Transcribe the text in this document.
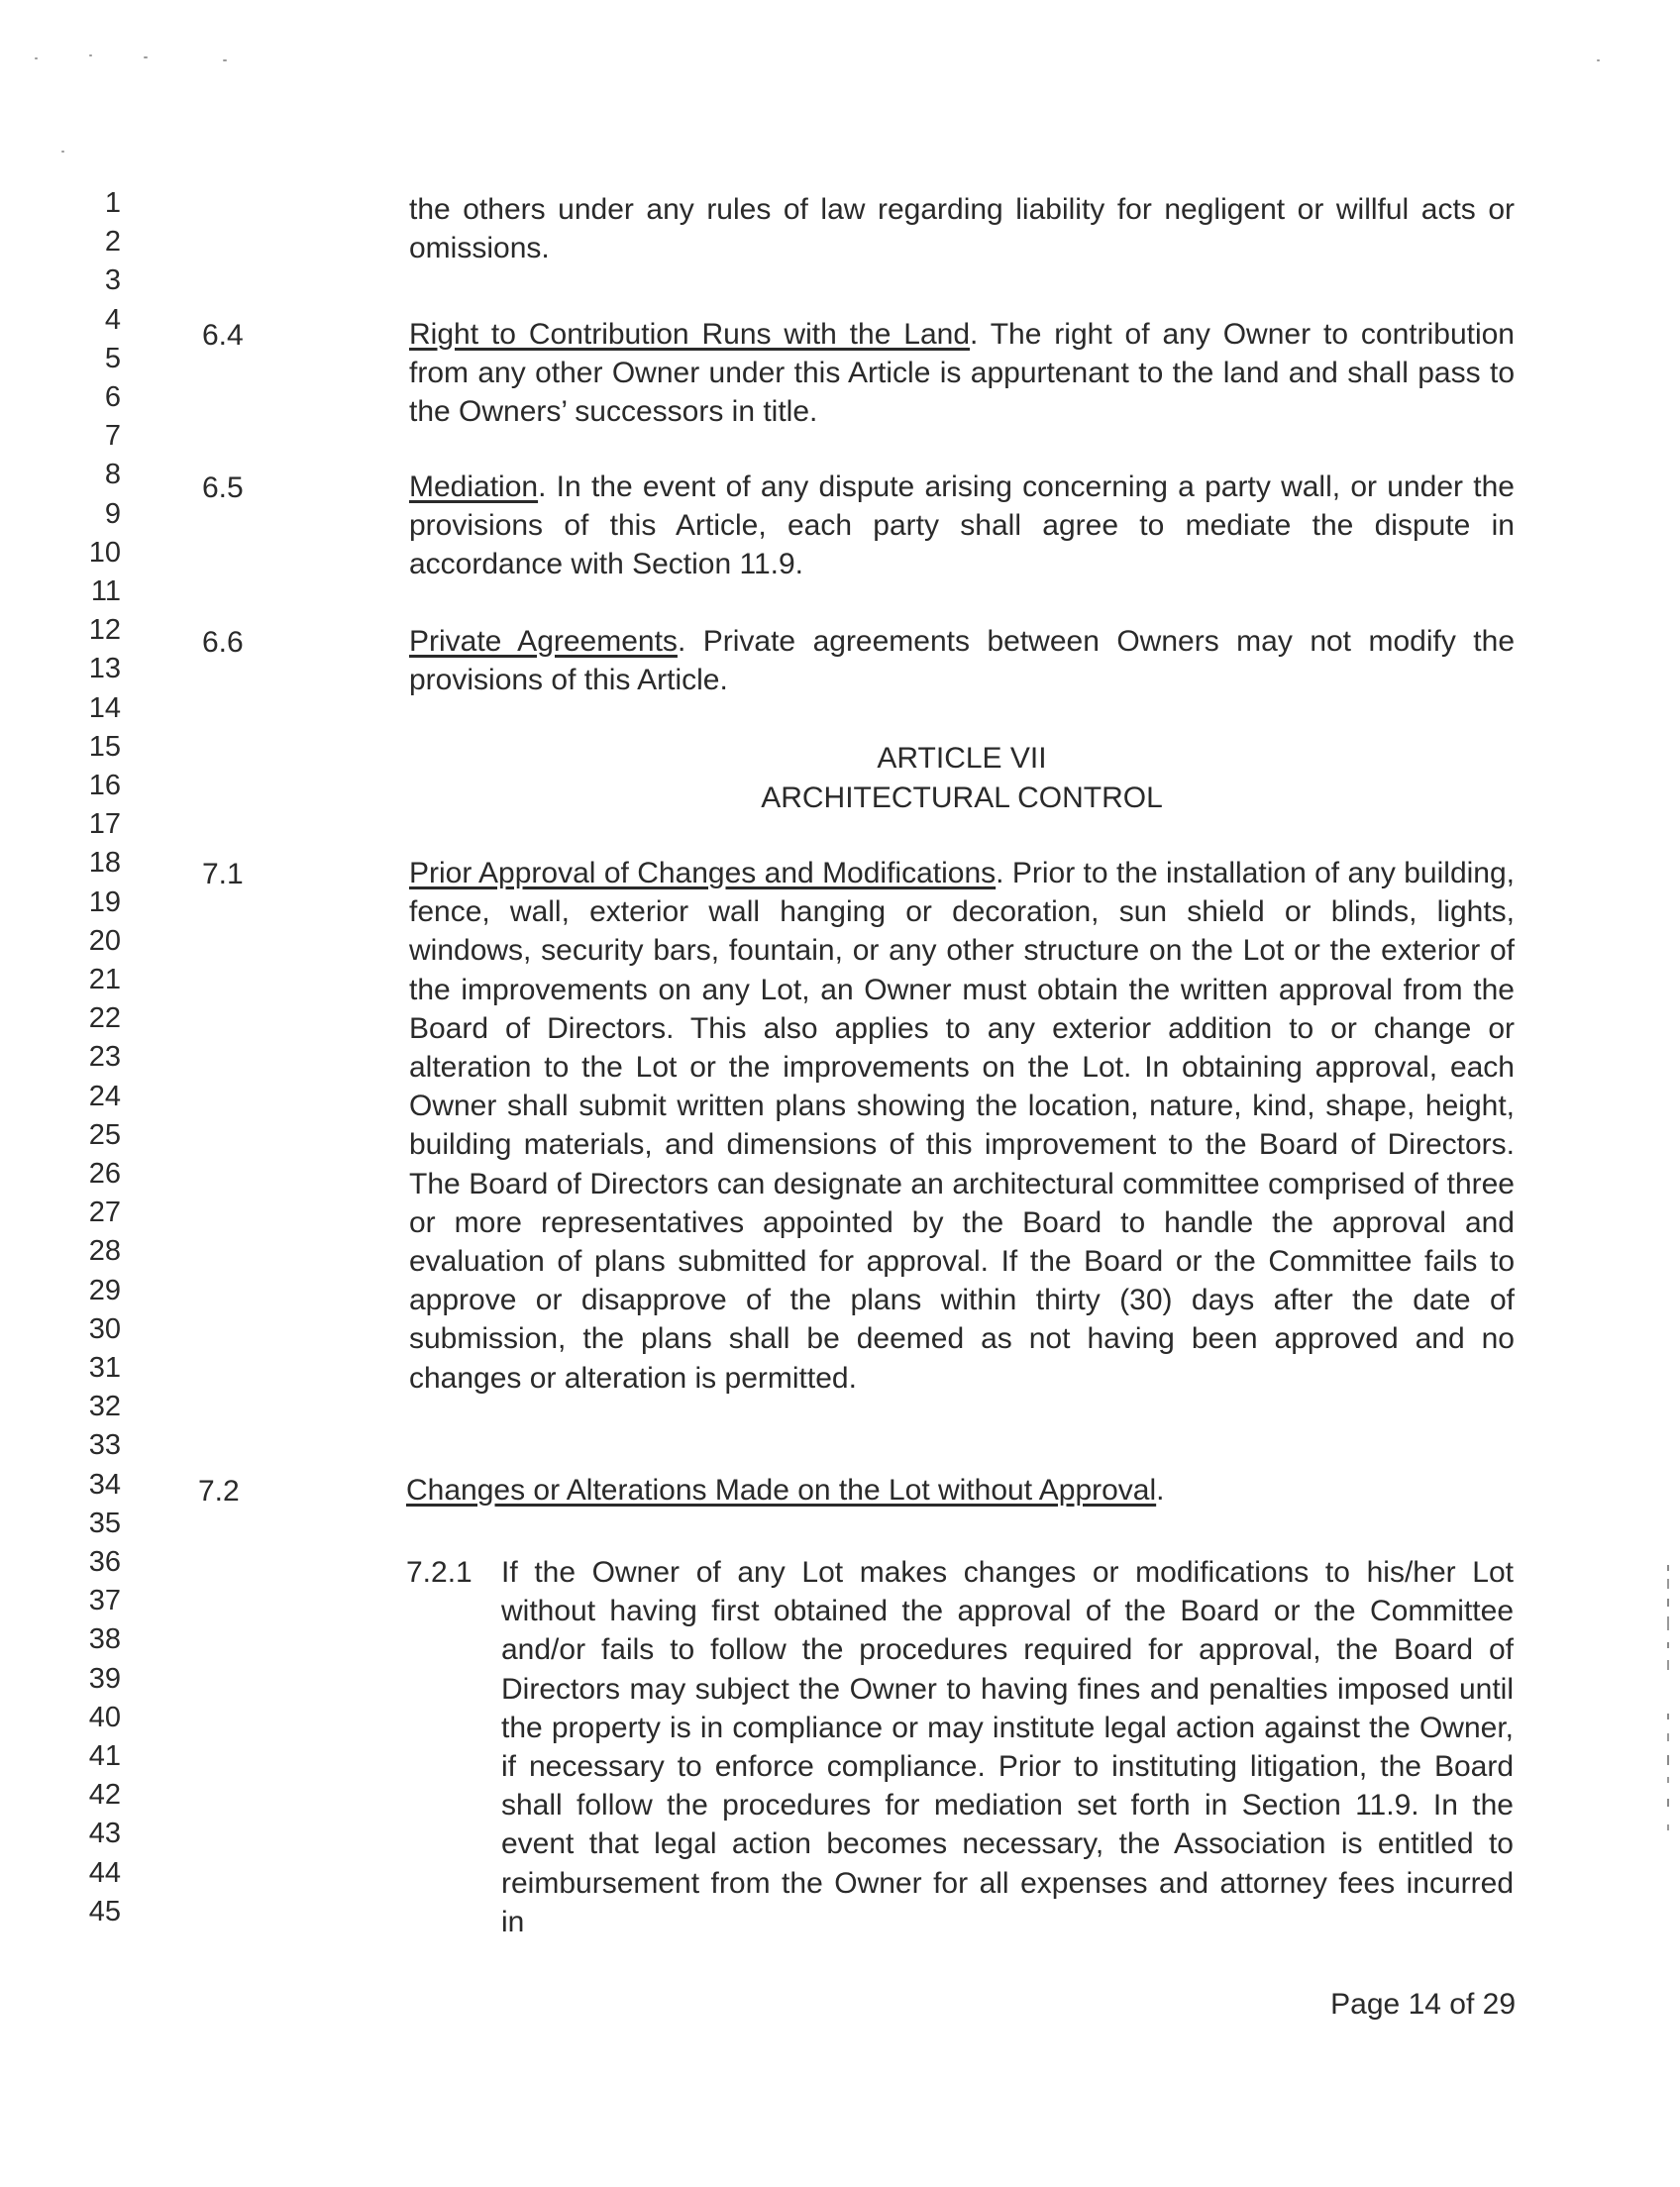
1
2
3
4
5
6
7
8
9
10
11
12
13
14
15
16
17
18
19
20
21
22
23
24
25
26
27
28
29
30
31
32
33
34
35
36
37
38
39
40
41
42
43
44
45
the others under any rules of law regarding liability for negligent or willful acts or omissions.
6.4	Right to Contribution Runs with the Land. The right of any Owner to contribution from any other Owner under this Article is appurtenant to the land and shall pass to the Owners’ successors in title.
6.5	Mediation. In the event of any dispute arising concerning a party wall, or under the provisions of this Article, each party shall agree to mediate the dispute in accordance with Section 11.9.
6.6	Private Agreements. Private agreements between Owners may not modify the provisions of this Article.
ARTICLE VII
ARCHITECTURAL CONTROL
7.1	Prior Approval of Changes and Modifications. Prior to the installation of any building, fence, wall, exterior wall hanging or decoration, sun shield or blinds, lights, windows, security bars, fountain, or any other structure on the Lot or the exterior of the improvements on any Lot, an Owner must obtain the written approval from the Board of Directors. This also applies to any exterior addition to or change or alteration to the Lot or the improvements on the Lot. In obtaining approval, each Owner shall submit written plans showing the location, nature, kind, shape, height, building materials, and dimensions of this improvement to the Board of Directors. The Board of Directors can designate an architectural committee comprised of three or more representatives appointed by the Board to handle the approval and evaluation of plans submitted for approval. If the Board or the Committee fails to approve or disapprove of the plans within thirty (30) days after the date of submission, the plans shall be deemed as not having been approved and no changes or alteration is permitted.
7.2	Changes or Alterations Made on the Lot without Approval.
7.2.1 If the Owner of any Lot makes changes or modifications to his/her Lot without having first obtained the approval of the Board or the Committee and/or fails to follow the procedures required for approval, the Board of Directors may subject the Owner to having fines and penalties imposed until the property is in compliance or may institute legal action against the Owner, if necessary to enforce compliance. Prior to instituting litigation, the Board shall follow the procedures for mediation set forth in Section 11.9. In the event that legal action becomes necessary, the Association is entitled to reimbursement from the Owner for all expenses and attorney fees incurred in
Page 14 of 29
